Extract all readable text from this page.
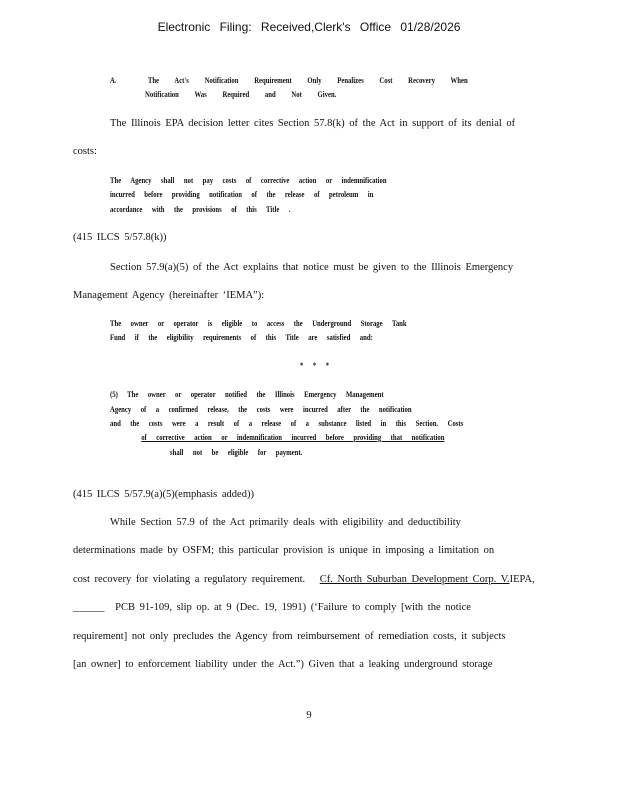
Electronic Filing: Received,Clerk's Office 01/28/2026
A.	The Act's Notification Requirement Only Penalizes Cost Recovery When
Notification Was Required and Not Given.
The Illinois EPA decision letter cites Section 57.8(k) of the Act in support of its denial of
costs:
The Agency shall not pay costs of corrective action or indemnification
incurred before providing notification of the release of petroleum in
accordance with the provisions of this Title .
(415 ILCS 5/57.8(k))
Section 57.9(a)(5) of the Act explains that notice must be given to the Illinois Emergency
Management Agency (hereinafter ‘IEMA”):
The owner or operator is eligible to access the Underground Storage Tank
Fund if the eligibility requirements of this Title are satisfied and:
* * *
(5) The owner or operator notified the Illinois Emergency Management
Agency of a confirmed release, the costs were incurred after the notification
and the costs were a result of a release of a substance listed in this Section. Costs
of corrective action or indemnification incurred before providing that notification
shall not be eligible for payment.
(415 ILCS 5/57.9(a)(5)(emphasis added))
While Section 57.9 of the Act primarily deals with eligibility and deductibility
determinations made by OSFM; this particular provision is unique in imposing a limitation on
cost recovery for violating a regulatory requirement. Cf. North Suburban Development Corp. V.IEPA,
______ PCB 91-109, slip op. at 9 (Dec. 19, 1991) (‘Failure to comply [with the notice
requirement] not only precludes the Agency from reimbursement of remediation costs, it subjects
[an owner] to enforcement liability under the Act.”) Given that a leaking underground storage
9
